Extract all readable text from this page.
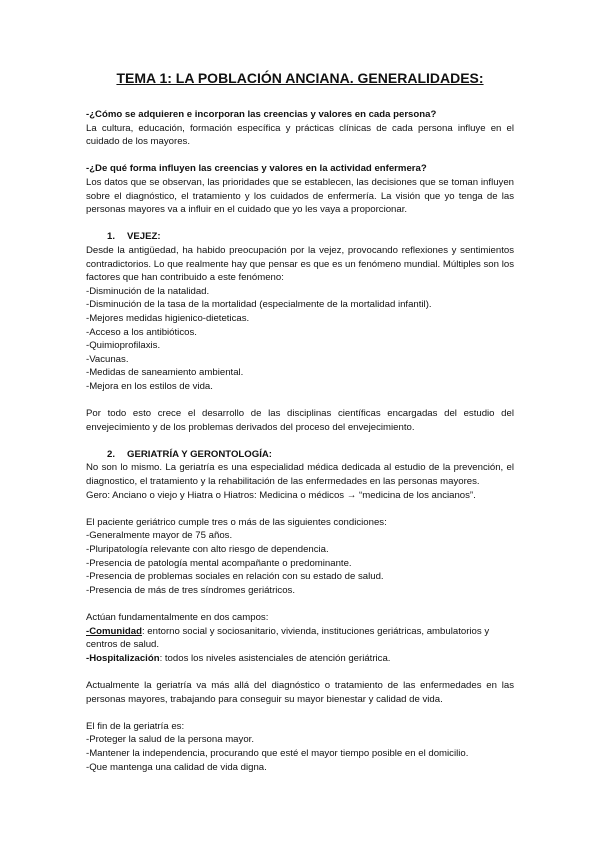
TEMA 1: LA POBLACIÓN ANCIANA. GENERALIDADES:

-¿Cómo se adquieren e incorporan las creencias y valores en cada persona?

La cultura, educación, formación específica y prácticas clínicas de cada persona influye en el cuidado de los mayores.

-¿De qué forma influyen las creencias y valores en la actividad enfermera?

Los datos que se observan, las prioridades que se establecen, las decisiones que se toman influyen sobre el diagnóstico, el tratamiento y los cuidados de enfermería. La visión que yo tenga de las personas mayores va a influir en el cuidado que yo les vaya a proporcionar.

1. VEJEZ:

Desde la antigüedad, ha habido preocupación por la vejez, provocando reflexiones y sentimientos contradictorios. Lo que realmente hay que pensar es que es un fenómeno mundial. Múltiples son los factores que han contribuido a este fenómeno:

-Disminución de la natalidad.

-Disminución de la tasa de la mortalidad (especialmente de la mortalidad infantil).

-Mejores medidas higienico-dieteticas.

-Acceso a los antibióticos.

-Quimioprofilaxis.

-Vacunas.

-Medidas de saneamiento ambiental.

-Mejora en los estilos de vida.

Por todo esto crece el desarrollo de las disciplinas científicas encargadas del estudio del envejecimiento y de los problemas derivados del proceso del envejecimiento.

2. GERIATRÍA Y GERONTOLOGÍA:

No son lo mismo. La geriatría es una especialidad médica dedicada al estudio de la prevención, el diagnostico, el tratamiento y la rehabilitación de las enfermedades en las personas mayores.

Gero: Anciano o viejo y Hiatra o Hiatros: Medicina o médicos → “medicina de los ancianos”.

El paciente geriátrico cumple tres o más de las siguientes condiciones:

-Generalmente mayor de 75 años.

-Pluripatología relevante con alto riesgo de dependencia.

-Presencia de patología mental acompañante o predominante.

-Presencia de problemas sociales en relación con su estado de salud.

-Presencia de más de tres síndromes geriátricos.

Actúan fundamentalmente en dos campos:

-Comunidad: entorno social y sociosanitario, vivienda, instituciones geriátricas, ambulatorios y centros de salud.

-Hospitalización: todos los niveles asistenciales de atención geriátrica.

Actualmente la geriatría va más allá del diagnóstico o tratamiento de las enfermedades en las personas mayores, trabajando para conseguir su mayor bienestar y calidad de vida.

El fin de la geriatría es:

-Proteger la salud de la persona mayor.

-Mantener la independencia, procurando que esté el mayor tiempo posible en el domicilio.

-Que mantenga una calidad de vida digna.
